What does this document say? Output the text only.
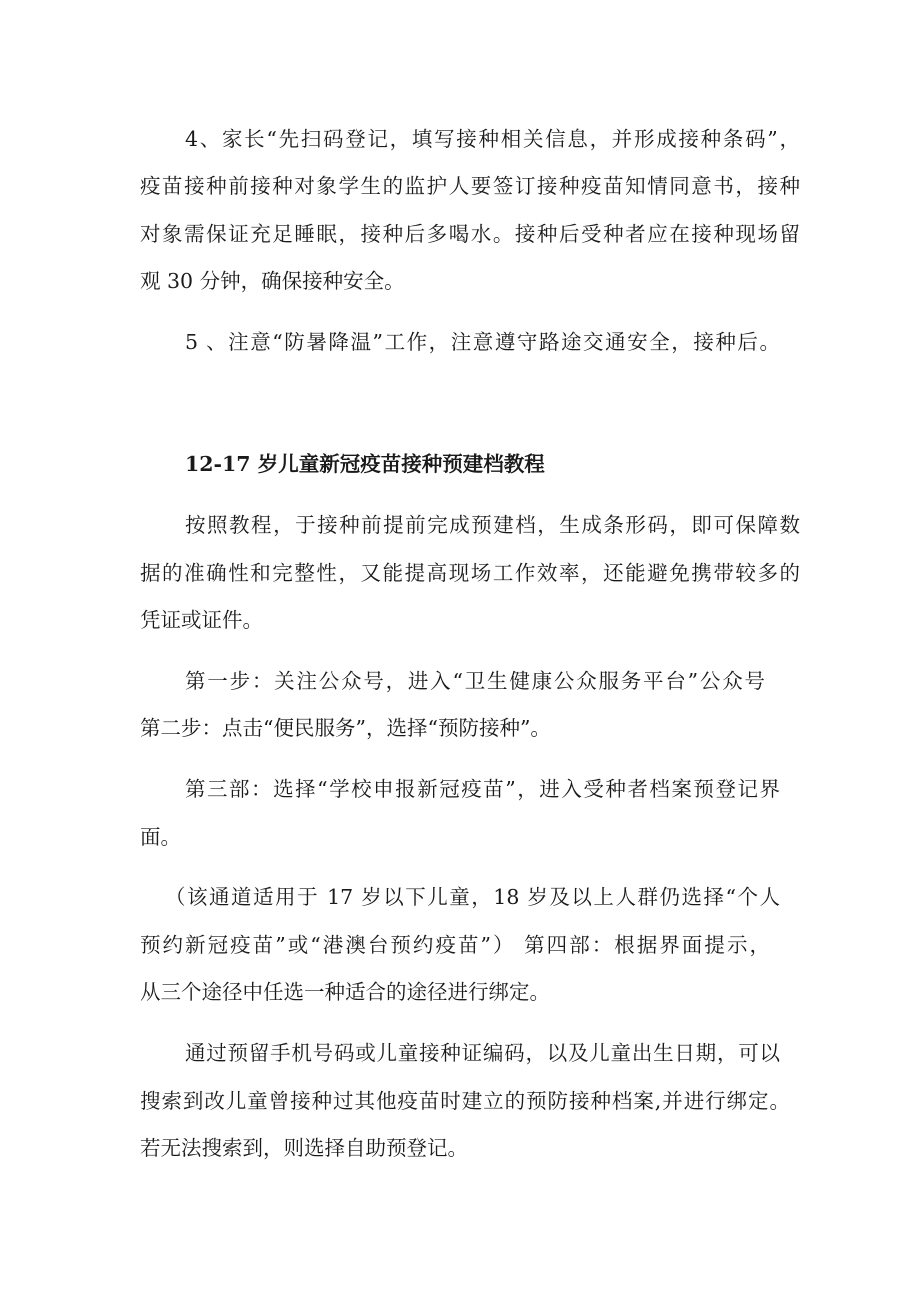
4、家长“先扫码登记，填写接种相关信息，并形成接种条码”，
疫苗接种前接种对象学生的监护人要签订接种疫苗知情同意书，接种
对象需保证充足睡眠，接种后多喝水。接种后受种者应在接种现场留
观 30 分钟，确保接种安全。
5 、注意“防暑降温”工作，注意遵守路途交通安全，接种后。
12-17 岁儿童新冠疫苗接种预建档教程
按照教程，于接种前提前完成预建档，生成条形码，即可保障数
据的准确性和完整性，又能提高现场工作效率，还能避免携带较多的
凭证或证件。
第一步：关注公众号，进入“卫生健康公众服务平台”公众号
第二步：点击“便民服务”，选择“预防接种”。
第三部：选择“学校申报新冠疫苗”，进入受种者档案预登记界
面。
（该通道适用于 17 岁以下儿童，18 岁及以上人群仍选择“个人
预约新冠疫苗”或“港澳台预约疫苗”） 第四部：根据界面提示，
从三个途径中任选一种适合的途径进行绑定。
通过预留手机号码或儿童接种证编码，以及儿童出生日期，可以
搜索到改儿童曾接种过其他疫苗时建立的预防接种档案,并进行绑定。
若无法搜索到，则选择自助预登记。
